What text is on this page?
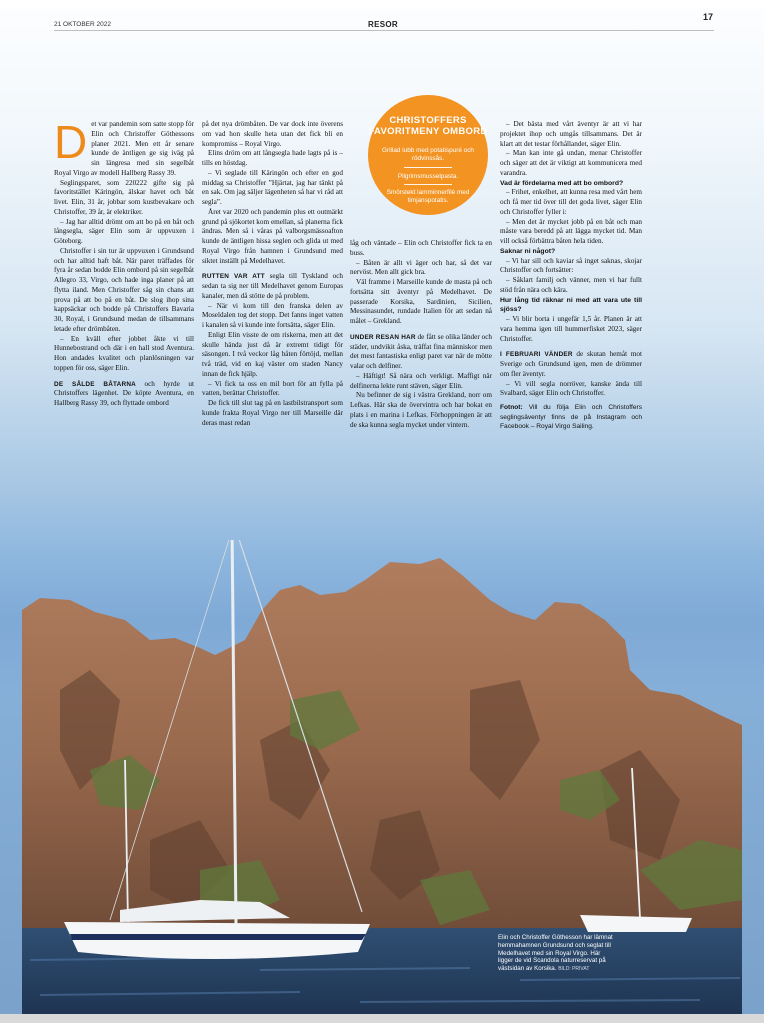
21 OKTOBER 2022	RESOR
17

Det var pandemin som satte stopp för Elin och Christoffer Göthessons planer 2021. Men ett år senare kunde de äntligen ge sig iväg på sin längresa med sin segelbåt Royal Virgo av modell Hallberg Rassy 39.

Seglingsparet, som 220222 gifte sig på favoritstället Käringön, älskar havet och båt livet. Elin, 31 år, jobbar som kustbevakare och Christoffer, 39 år, är elektriker.

– Jag har alltid drömt om att bo på en båt och långsegla, säger Elin som är uppvuxen i Göteborg.

Christoffer i sin tur är uppvuxen i Grundsund och har alltid haft båt. När paret träffades för fyra år sedan bodde Elin ombord på sin segelbåt Allegro 33, Virgo, och hade inga planer på att flytta iland. Men Christoffer såg sin chans att prova på att bo på en båt. De slog ihop sina kappsäckar och bodde på Christoffers Bavaria 30, Royal, i Grundsund medan de tillsammans letade efter drömbåten.

– En kväll efter jobbet åkte vi till Hunnebostrand och där i en hall stod Aventura. Hon andades kvalitet och planlösningen var toppen för oss, säger Elin.

DE SÅLDE BÅTARNA och hyrde ut Christoffers lägenhet. De köpte Aventura, en Hallberg Rassy 39, och flyttade ombord

på det nya drömbåten. De var dock inte överens om vad hon skulle heta utan det fick bli en kompromiss – Royal Virgo.

Elins dröm om att långsegla hade lagts på is – tills en höstdag.

– Vi seglade till Käringön och efter en god middag sa Christoffer ”Hjärtat, jag har tänkt på en sak. Om jag säljer lägenheten så har vi råd att segla”.

Året var 2020 och pandemin plus ett outmärkt grund på sjökortet kom emellan, så planerna fick ändras. Men så i våras på valborgsmässoafton kunde de äntligen hissa seglen och glida ut med Royal Virgo från hamnen i Grundsund med siktet inställt på Medelhavet.

RUTTEN VAR ATT segla till Tyskland och sedan ta sig ner till Medelhavet genom Europas kanaler, men då stötte de på problem.

– När vi kom till den franska delen av Moseldalen tog det stopp. Det fanns inget vatten i kanalen så vi kunde inte fortsätta, säger Elin.

Enligt Elin visste de om riskerna, men att det skulle hända just då är extremt tidigt för säsongen. I två veckor låg båten förtöjd, mellan två träd, vid en kaj väster om staden Nancy innan de fick hjälp.

– Vi fick ta oss en mil bort för att fylla på vatten, berättar Christoffer.

De fick till slut tag på en lastbilstransport som kunde frakta Royal Virgo ner till Marseille där deras mast redan

CHRISTOFFERS
FAVORITMENY OMBORD
Grillad lubb med potatispuré och rödvinssås.
Pilgrimsmusselpasta.
Smörstekt lamminnerfilé med timjanspotatis.

låg och väntade – Elin och Christoffer fick ta en buss.

– Båten är allt vi äger och har, så det var nervöst. Men allt gick bra.

Väl framme i Marseille kunde de masta på och fortsätta sitt äventyr på Medelhavet. De passerade Korsika, Sardinien, Sicilien, Messinasundet, rundade Italien för att sedan nå målet – Grekland.

UNDER RESAN HAR de fått se olika länder och städer, undvikit åska, träffat fina människor men det mest fantastiska enligt paret var när de mötte valar och delfiner.

– Häftigt! Så nära och verkligt. Maffigt när delfinerna lekte runt stäven, säger Elin.

Nu befinner de sig i västra Grekland, norr om Lefkas. Här ska de övervintra och har bokat en plats i en marina i Lefkas. Förhoppningen är att de ska kunna segla mycket under vintern.

– Det bästa med vårt äventyr är att vi har projektet ihop och umgås tillsammans. Det är klart att det testar förhållandet, säger Elin.

– Man kan inte gå undan, menar Christoffer och säger att det är viktigt att kommunicera med varandra.

Vad är fördelarna med att bo ombord?

– Frihet, enkelhet, att kunna resa med vårt hem och få mer tid över till det goda livet, säger Elin och Christoffer fyller i:

– Men det är mycket jobb på en båt och man måste vara beredd på att lägga mycket tid. Man vill också förbättra båten hela tiden.

Saknar ni något?

– Vi har sill och kaviar så inget saknas, skojar Christoffer och fortsätter:

– Såklart familj och vänner, men vi har fullt stöd från nära och kära.

Hur lång tid räknar ni med att vara ute till sjöss?

– Vi blir borta i ungefär 1,5 år. Planen är att vara hemma igen till hummerfisket 2023, säger Christoffer.

I FEBRUARI VÄNDER de skutan hemåt mot Sverige och Grundsund igen, men de drömmer om fler äventyr.

– Vi vill segla norröver, kanske ända till Svalbard, säger Elin och Christoffer.

Fotnot: Vill du följa Elin och Christoffers seglingsäventyr finns de på Instagram och Facebook – Royal Virgo Sailing.

Elin och Christoffer Göthesson har lämnat hemmahamnen Grundsund och seglat till Medelhavet med sin Royal Virgo. Här ligger de vid Scandola naturreservat på västsidan av Korsika. BILD: PRIVAT
